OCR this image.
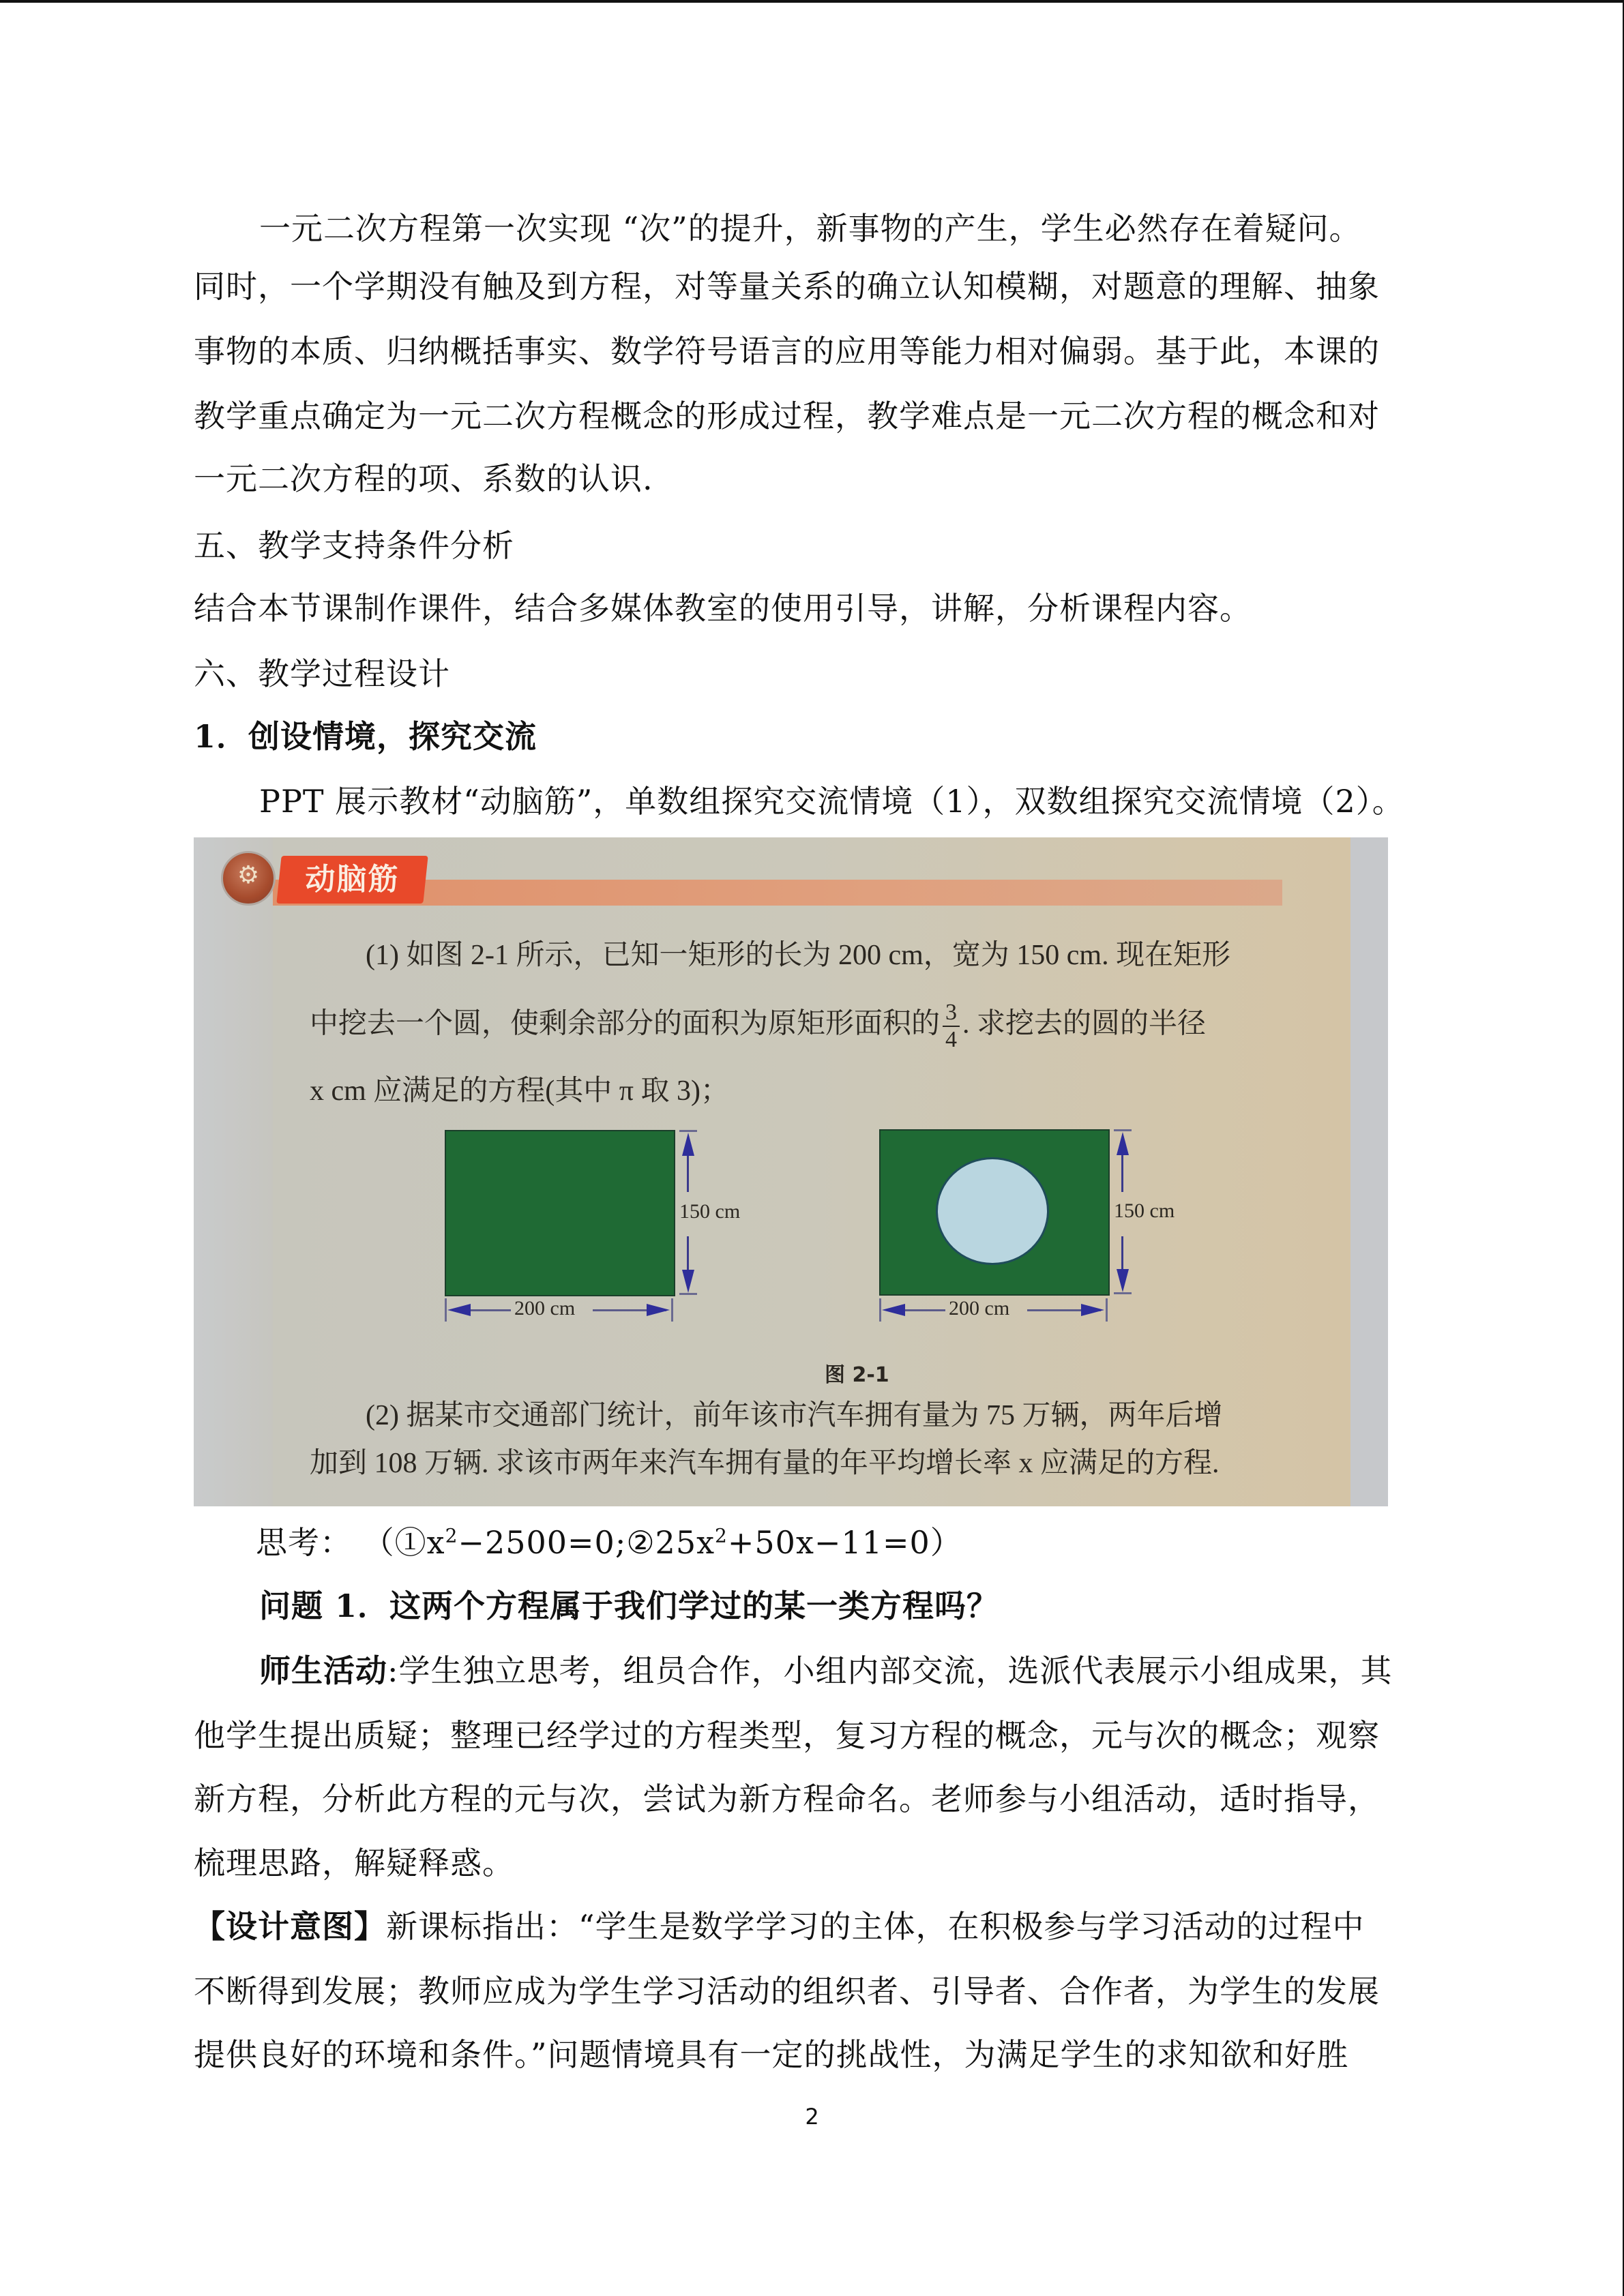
一元二次方程第一次实现 “次”的提升，新事物的产生，学生必然存在着疑问。
同时，一个学期没有触及到方程，对等量关系的确立认知模糊，对题意的理解、抽象
事物的本质、归纳概括事实、数学符号语言的应用等能力相对偏弱。基于此，本课的
教学重点确定为一元二次方程概念的形成过程，教学难点是一元二次方程的概念和对
一元二次方程的项、系数的认识.
五、教学支持条件分析
结合本节课制作课件，结合多媒体教室的使用引导，讲解，分析课程内容。
六、教学过程设计
1．创设情境，探究交流
PPT 展示教材“动脑筋”，单数组探究交流情境（1），双数组探究交流情境（2）。
⚙	动脑筋
(1) 如图 2-1 所示，已知一矩形的长为 200 cm，宽为 150 cm. 现在矩形
中挖去一个圆，使剩余部分的面积为原矩形面积的 $\frac{3}{4}$ . 求挖去的圆的半径
x cm 应满足的方程(其中 π 取 3)；
150 cm
200 cm
150 cm
200 cm
图 2-1
(2) 据某市交通部门统计，前年该市汽车拥有量为 75 万辆，两年后增
加到 108 万辆. 求该市两年来汽车拥有量的年平均增长率 x 应满足的方程.
思考： $(①x^2-2500=0;②25x^2+50x-11=0)$
问题 1．这两个方程属于我们学过的某一类方程吗？
师生活动:学生独立思考，组员合作，小组内部交流，选派代表展示小组成果，其
他学生提出质疑；整理已经学过的方程类型，复习方程的概念，元与次的概念；观察
新方程，分析此方程的元与次，尝试为新方程命名。老师参与小组活动，适时指导，
梳理思路，解疑释惑。
【设计意图】新课标指出：“学生是数学学习的主体，在积极参与学习活动的过程中
不断得到发展；教师应成为学生学习活动的组织者、引导者、合作者，为学生的发展
提供良好的环境和条件。”问题情境具有一定的挑战性，为满足学生的求知欲和好胜
2
